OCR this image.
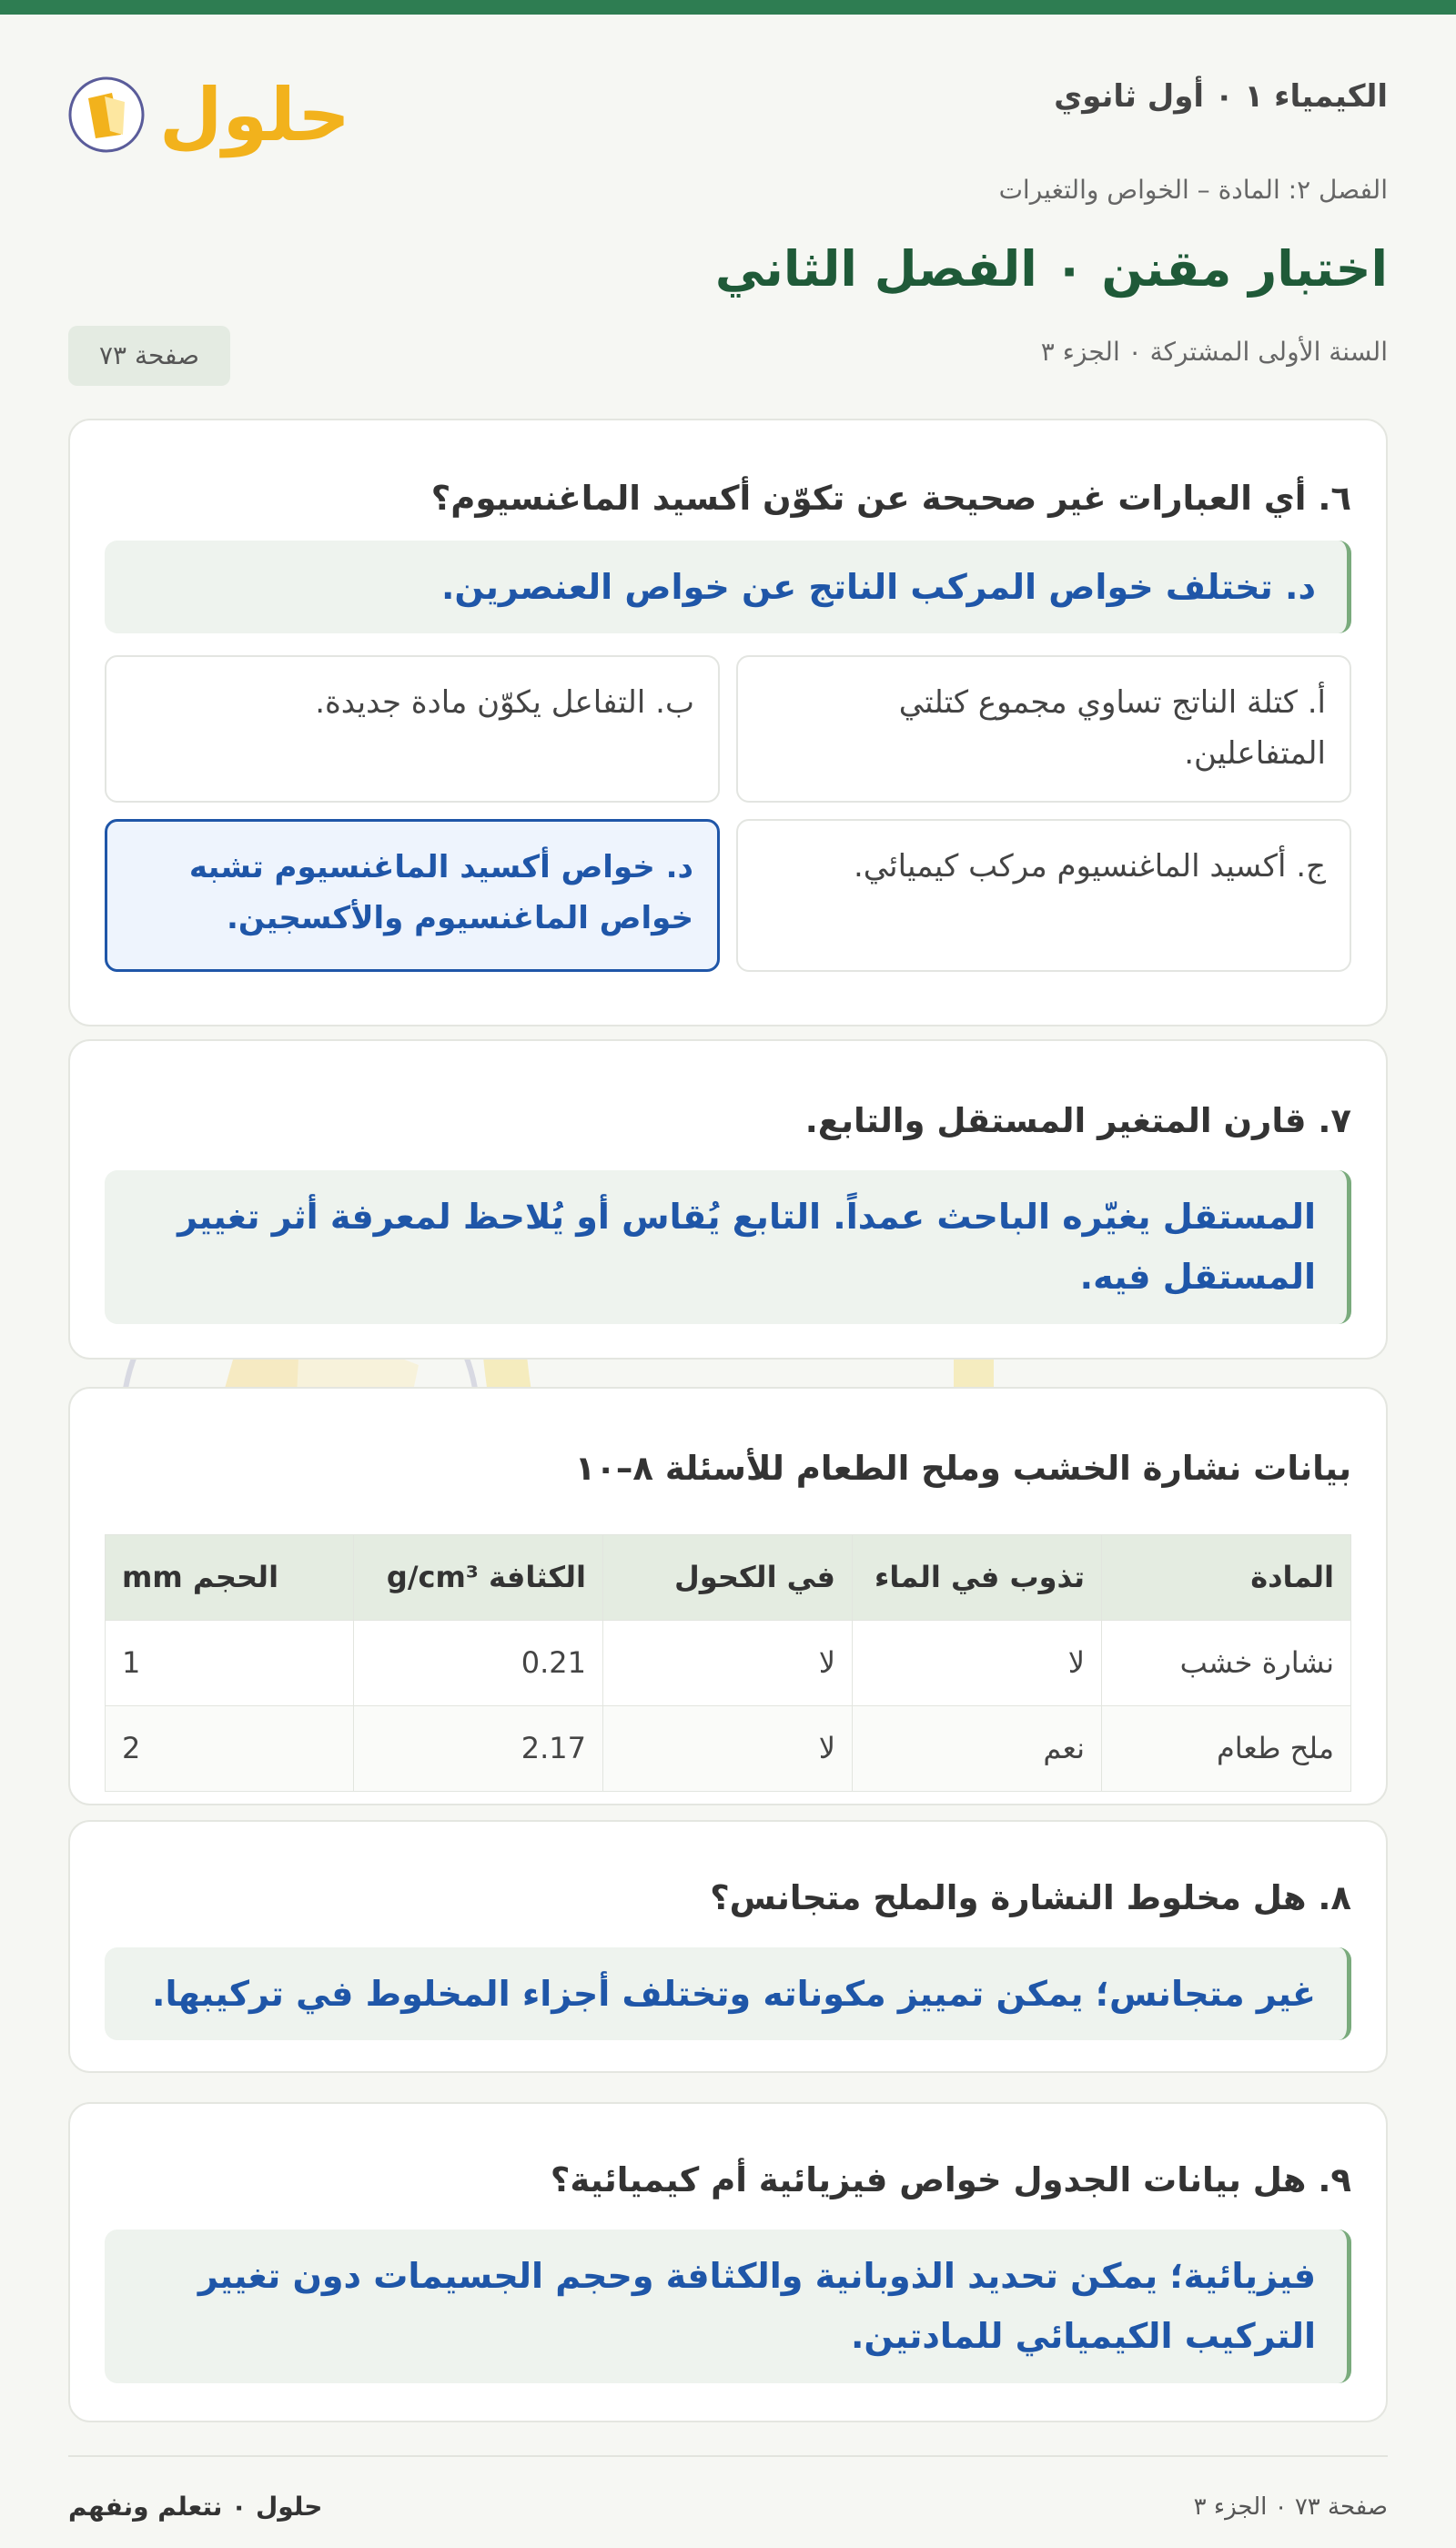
الكيمياء ١ ٠ أول ثانوي
حلول
الفصل ٢: المادة – الخواص والتغيرات
اختبار مقنن ٠ الفصل الثاني
السنة الأولى المشتركة ٠ الجزء ٣
صفحة ٧٣
٦. أي العبارات غير صحيحة عن تكوّن أكسيد الماغنسيوم؟
د. تختلف خواص المركب الناتج عن خواص العنصرين.
أ. كتلة الناتج تساوي مجموع كتلتي المتفاعلين.
ب. التفاعل يكوّن مادة جديدة.
ج. أكسيد الماغنسيوم مركب كيميائي.
د. خواص أكسيد الماغنسيوم تشبه خواص الماغنسيوم والأكسجين.
٧. قارن المتغير المستقل والتابع.
المستقل يغيّره الباحث عمداً. التابع يُقاس أو يُلاحظ لمعرفة أثر تغيير المستقل فيه.
بيانات نشارة الخشب وملح الطعام للأسئلة ٨–١٠
المادة	تذوب في الماء	في الكحول	الكثافة g/cm³	الحجم mm
نشارة خشب	لا	لا	0.21	1
ملح طعام	نعم	لا	2.17	2
٨. هل مخلوط النشارة والملح متجانس؟
غير متجانس؛ يمكن تمييز مكوناته وتختلف أجزاء المخلوط في تركيبها.
٩. هل بيانات الجدول خواص فيزيائية أم كيميائية؟
فيزيائية؛ يمكن تحديد الذوبانية والكثافة وحجم الجسيمات دون تغيير التركيب الكيميائي للمادتين.
صفحة ٧٣ ٠ الجزء ٣
حلول ٠ نتعلم ونفهم
